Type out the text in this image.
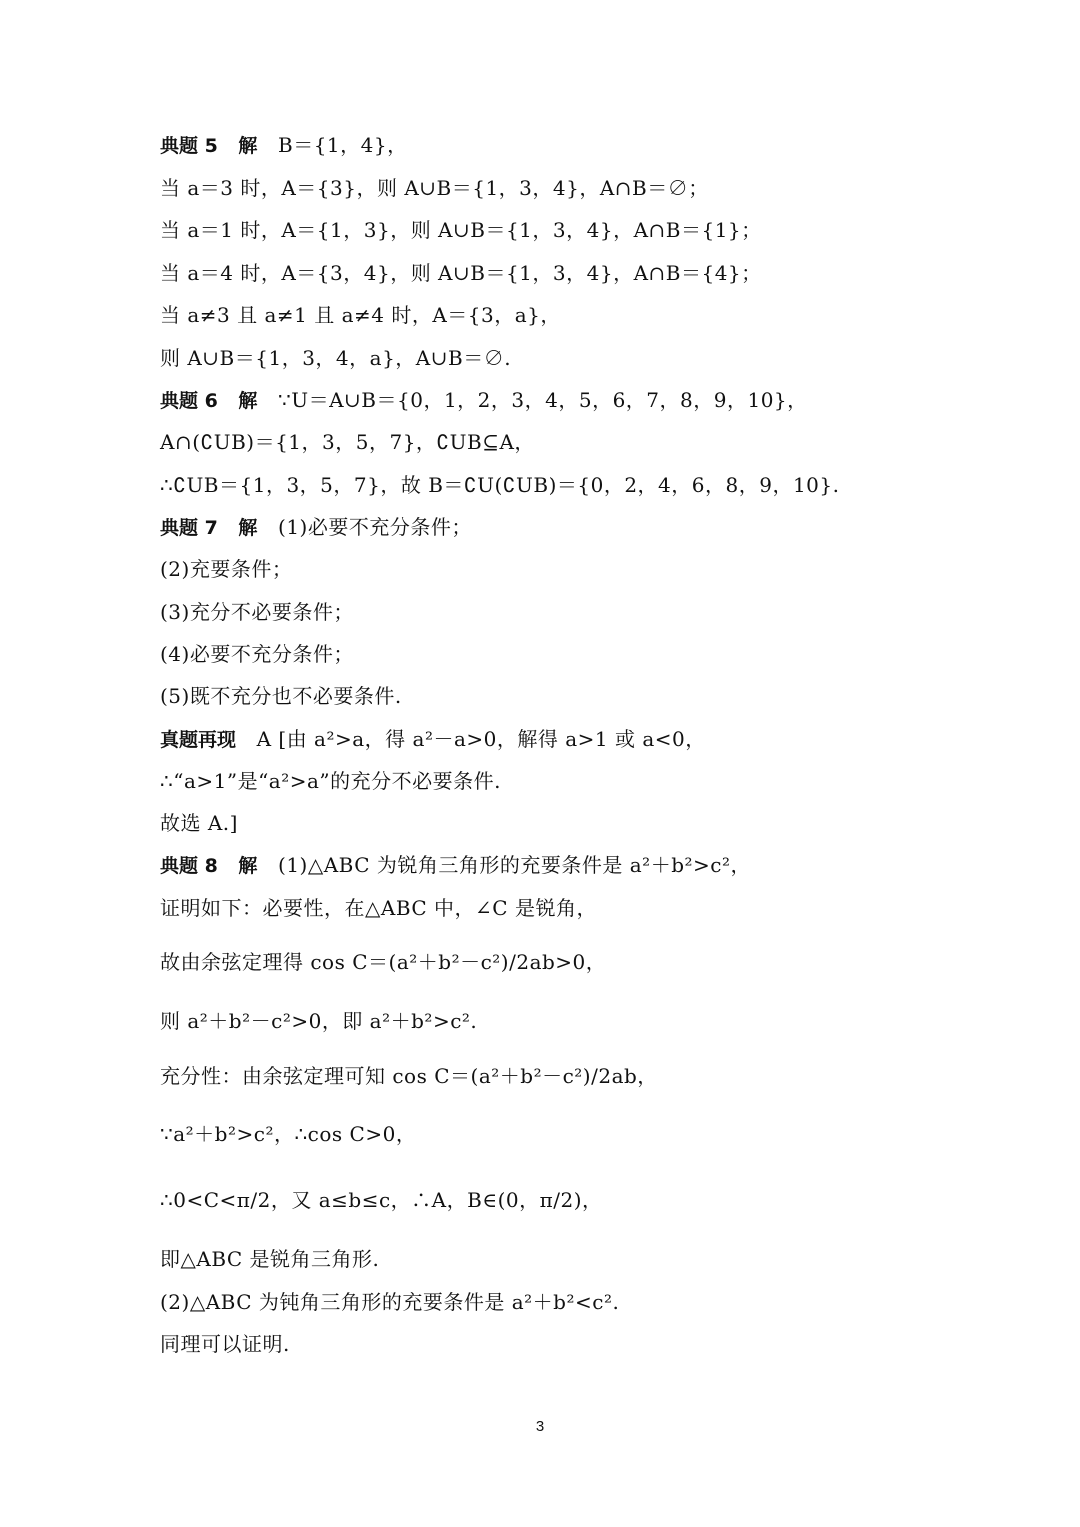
典题 5 解 B＝{1，4}，
当 a＝3 时，A＝{3}，则 A∪B＝{1，3，4}，A∩B＝∅；
当 a＝1 时，A＝{1，3}，则 A∪B＝{1，3，4}，A∩B＝{1}；
当 a＝4 时，A＝{3，4}，则 A∪B＝{1，3，4}，A∩B＝{4}；
当 a≠3 且 a≠1 且 a≠4 时，A＝{3，a}，
则 A∪B＝{1，3，4，a}，A∪B＝∅.
典题 6 解 ∵U＝A∪B＝{0，1，2，3，4，5，6，7，8，9，10}，
A∩(∁UB)＝{1，3，5，7}，∁UB⊆A，
∴∁UB＝{1，3，5，7}，故 B＝∁U(∁UB)＝{0，2，4，6，8，9，10}.
典题 7 解 (1)必要不充分条件；
(2)充要条件；
(3)充分不必要条件；
(4)必要不充分条件；
(5)既不充分也不必要条件.
真题再现 A [由 a²>a，得 a²－a>0，解得 a>1 或 a<0，
∴“a>1”是“a²>a”的充分不必要条件.
故选 A.]
典题 8 解 (1)△ABC 为锐角三角形的充要条件是 a²＋b²>c²，
证明如下：必要性，在△ABC 中，∠C 是锐角，
故由余弦定理得 cos C＝(a²＋b²－c²)/2ab>0，
则 a²＋b²－c²>0，即 a²＋b²>c².
充分性：由余弦定理可知 cos C＝(a²＋b²－c²)/2ab，
∵a²＋b²>c²，∴cos C>0，
∴0<C<π/2，又 a≤b≤c，∴A，B∈(0，π/2)，
即△ABC 是锐角三角形.
(2)△ABC 为钝角三角形的充要条件是 a²＋b²<c².
同理可以证明.
3
